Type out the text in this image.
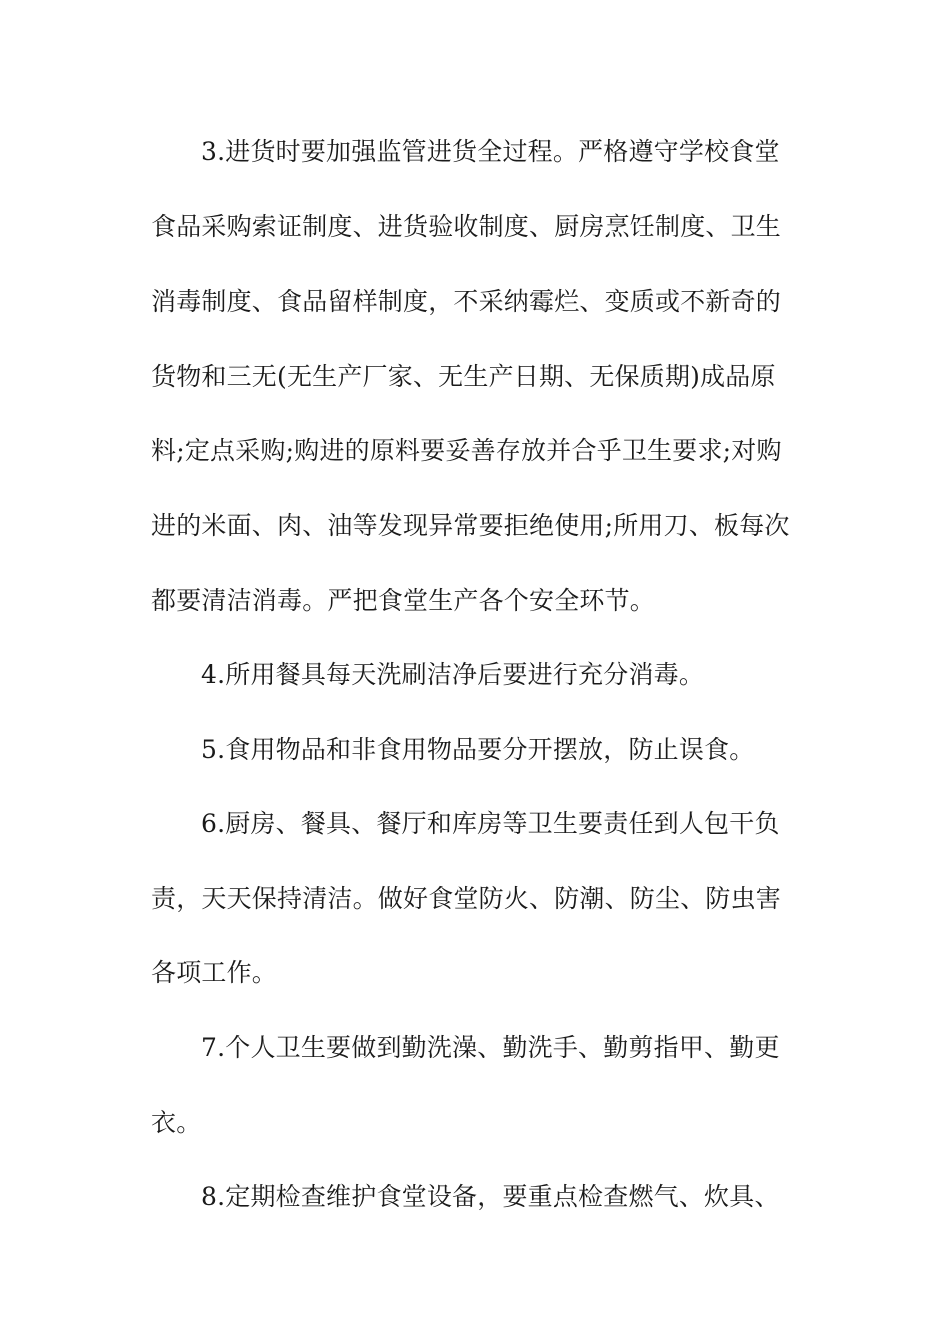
3.进货时要加强监管进货全过程。严格遵守学校食堂
食品采购索证制度、进货验收制度、厨房烹饪制度、卫生
消毒制度、食品留样制度，不采纳霉烂、变质或不新奇的
货物和三无(无生产厂家、无生产日期、无保质期)成品原
料;定点采购;购进的原料要妥善存放并合乎卫生要求;对购
进的米面、肉、油等发现异常要拒绝使用;所用刀、板每次
都要清洁消毒。严把食堂生产各个安全环节。
4.所用餐具每天洗刷洁净后要进行充分消毒。
5.食用物品和非食用物品要分开摆放，防止误食。
6.厨房、餐具、餐厅和库房等卫生要责任到人包干负
责，天天保持清洁。做好食堂防火、防潮、防尘、防虫害
各项工作。
7.个人卫生要做到勤洗澡、勤洗手、勤剪指甲、勤更
衣。
8.定期检查维护食堂设备，要重点检查燃气、炊具、
